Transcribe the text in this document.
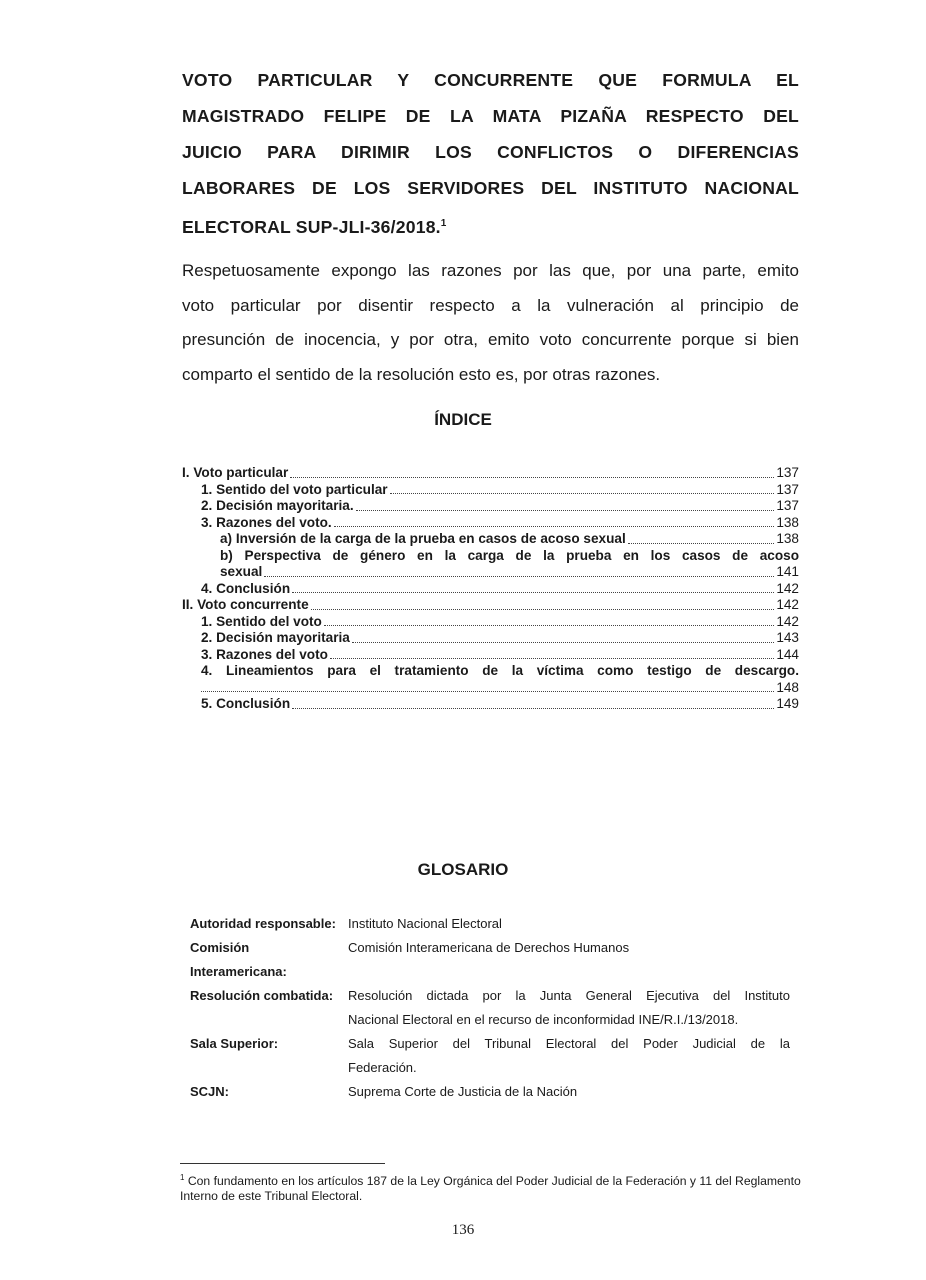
VOTO PARTICULAR Y CONCURRENTE QUE FORMULA EL
MAGISTRADO FELIPE DE LA MATA PIZAÑA RESPECTO DEL
JUICIO PARA DIRIMIR LOS CONFLICTOS O DIFERENCIAS
LABORARES DE LOS SERVIDORES DEL INSTITUTO NACIONAL
ELECTORAL SUP-JLI-36/2018.$^1$
Respetuosamente expongo las razones por las que, por una parte, emito
voto particular por disentir respecto a la vulneración al principio de
presunción de inocencia, y por otra, emito voto concurrente porque si bien
comparto el sentido de la resolución esto es, por otras razones.
ÍNDICE
I. Voto particular	137
1. Sentido del voto particular	137
2. Decisión mayoritaria.	137
3. Razones del voto.	138
a) Inversión de la carga de la prueba en casos de acoso sexual	138
b) Perspectiva de género en la carga de la prueba en los casos de acoso
sexual	141
4. Conclusión	142
II. Voto concurrente	142
1. Sentido del voto	142
2. Decisión mayoritaria	143
3. Razones del voto	144
4. Lineamientos para el tratamiento de la víctima como testigo de descargo.
148
5. Conclusión	149
GLOSARIO
Autoridad responsable: Instituto Nacional Electoral
Comisión Interamericana:
Comisión Interamericana de Derechos Humanos
Resolución combatida:	Resolución dictada por la Junta General Ejecutiva del Instituto
Nacional Electoral en el recurso de inconformidad INE/R.I./13/2018.
Sala Superior:	Sala Superior del Tribunal Electoral del Poder Judicial de la
Federación.
SCJN:	Suprema Corte de Justicia de la Nación
$^1$ Con fundamento en los artículos 187 de la Ley Orgánica del Poder Judicial de la Federación y 11 del Reglamento Interno de este Tribunal Electoral.
136
